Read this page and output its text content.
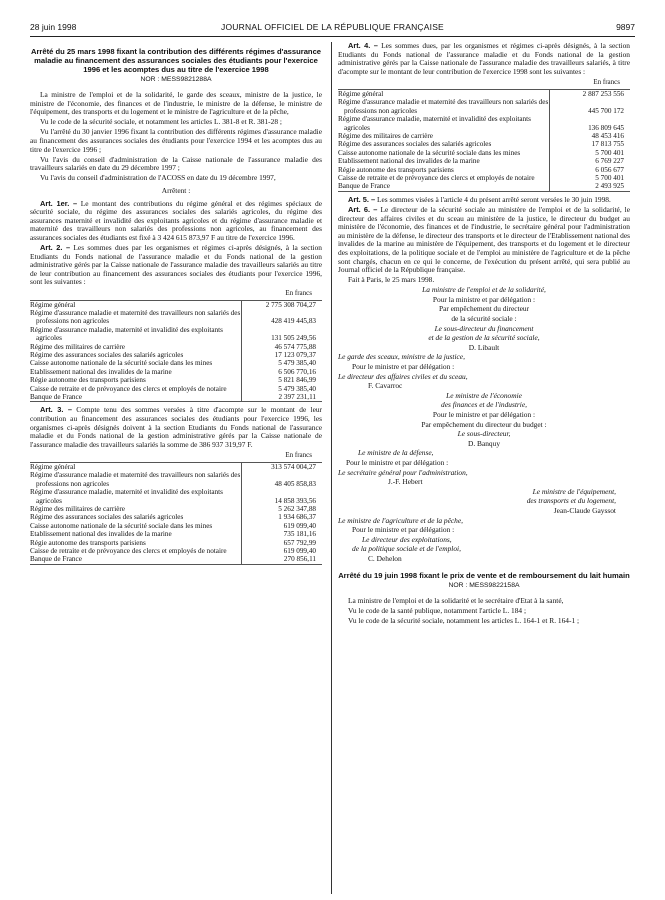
28 juin 1998	JOURNAL OFFICIEL DE LA RÉPUBLIQUE FRANÇAISE	9897
Arrêté du 25 mars 1998 fixant la contribution des différents régimes d'assurance maladie au financement des assurances sociales des étudiants pour l'exercice 1996 et les acomptes dus au titre de l'exercice 1998
NOR : MESS9821288A

La ministre de l'emploi et de la solidarité, le garde des sceaux, ministre de la justice, le ministre de l'économie, des finances et de l'industrie, le ministre de la défense, le ministre de l'équipement, des transports et du logement et le ministre de l'agriculture et de la pêche,

Vu le code de la sécurité sociale, et notamment les articles L. 381-8 et R. 381-28 ;

Vu l'arrêté du 30 janvier 1996 fixant la contribution des différents régimes d'assurance maladie au financement des assurances sociales des étudiants pour l'exercice 1994 et les acomptes dus au titre de l'exercice 1996 ;

Vu l'avis du conseil d'administration de la Caisse nationale de l'assurance maladie des travailleurs salariés en date du 29 décembre 1997 ;

Vu l'avis du conseil d'administration de l'ACOSS en date du 19 décembre 1997,

Arrêtent :

Art. 1er. – Le montant des contributions du régime général et des régimes spéciaux de sécurité sociale, du régime des assurances sociales des salariés agricoles, du régime des assurances maternité et invalidité des exploitants agricoles et du régime d'assurance maladie et maternité des travailleurs non salariés des professions non agricoles, au financement des assurances sociales des étudiants est fixé à 3 424 615 873,97 F au titre de l'exercice 1996.

Art. 2. – Les sommes dues par les organismes et régimes ci-après désignés, à la section Etudiants du Fonds national de l'assurance maladie et du Fonds national de la gestion administrative gérés par la Caisse nationale de l'assurance maladie des travailleurs salariés au titre de leur contribution au financement des assurances sociales des étudiants pour l'exercice 1996, sont les suivantes :

En francs
Régime général	2 775 308 704,27
Régime d'assurance maladie et maternité des travailleurs non salariés des professions non agricoles	428 419 445,83
Régime d'assurance maladie, maternité et invalidité des exploitants agricoles	131 505 249,56
Régime des militaires de carrière	46 574 775,88
Régime des assurances sociales des salariés agricoles	17 123 079,37
Caisse autonome nationale de la sécurité sociale dans les mines	5 479 385,40
Etablissement national des invalides de la marine	6 506 770,16
Régie autonome des transports parisiens	5 821 846,99
Caisse de retraite et de prévoyance des clercs et employés de notaire	5 479 385,40
Banque de France	2 397 231,11

Art. 3. – Compte tenu des sommes versées à titre d'acompte sur le montant de leur contribution au financement des assurances sociales des étudiants pour l'exercice 1996, les organismes ci-après désignés doivent à la section Etudiants du Fonds national de l'assurance maladie et du Fonds national de la gestion administrative gérés par la Caisse nationale de l'assurance maladie des travailleurs salariés la somme de 386 937 319,97 F.

En francs
Régime général	313 574 004,27
Régime d'assurance maladie et maternité des travailleurs non salariés des professions non agricoles	48 405 858,83
Régime d'assurance maladie, maternité et invalidité des exploitants agricoles	14 858 393,56
Régime des militaires de carrière	5 262 347,88
Régime des assurances sociales des salariés agricoles	1 934 686,37
Caisse autonome nationale de la sécurité sociale dans les mines	619 099,40
Etablissement national des invalides de la marine	735 181,16
Régie autonome des transports parisiens	657 792,99
Caisse de retraite et de prévoyance des clercs et employés de notaire	619 099,40
Banque de France	270 856,11

Art. 4. – Les sommes dues, par les organismes et régimes ci-après désignés, à la section Etudiants du Fonds national de l'assurance maladie et du Fonds national de la gestion administrative gérés par la Caisse nationale de l'assurance maladie des travailleurs salariés, à titre d'acompte sur le montant de leur contribution de l'exercice 1998 sont les suivantes :

En francs
Régime général	2 887 253 556
Régime d'assurance maladie et maternité des travailleurs non salariés des professions non agricoles	445 700 172
Régime d'assurance maladie, maternité et invalidité des exploitants agricoles	136 809 645
Régime des militaires de carrière	48 453 416
Régime des assurances sociales des salariés agricoles	17 813 755
Caisse autonome nationale de la sécurité sociale dans les mines	5 700 401
Etablissement national des invalides de la marine	6 769 227
Régie autonome des transports parisiens	6 056 677
Caisse de retraite et de prévoyance des clercs et employés de notaire	5 700 401
Banque de France	2 493 925

Art. 5. – Les sommes visées à l'article 4 du présent arrêté seront versées le 30 juin 1998.

Art. 6. – Le directeur de la sécurité sociale au ministère de l'emploi et de la solidarité, le directeur des affaires civiles et du sceau au ministère de la justice, le directeur du budget au ministère de l'économie, des finances et de l'industrie, le secrétaire général pour l'administration au ministère de la défense, le directeur des transports et le directeur de l'Etablissement national des invalides de la marine au ministère de l'équipement, des transports et du logement et le directeur des exploitations, de la politique sociale et de l'emploi au ministère de l'agriculture et de la pêche sont chargés, chacun en ce qui le concerne, de l'exécution du présent arrêté, qui sera publié au Journal officiel de la République française.

Fait à Paris, le 25 mars 1998.

La ministre de l'emploi et de la solidarité,
Pour la ministre et par délégation :
Par empêchement du directeur
de la sécurité sociale :
Le sous-directeur du financement
et de la gestion de la sécurité sociale,
D. Libault
Le garde des sceaux, ministre de la justice,
Pour le ministre et par délégation :
Le directeur des affaires civiles et du sceau,
F. Cavarroc
Le ministre de l'économie
des finances et de l'industrie,
Pour le ministre et par délégation :
Par empêchement du directeur du budget :
Le sous-directeur,
D. Banquy
Le ministre de la défense,
Pour le ministre et par délégation :
Le secrétaire général pour l'administration,
J.-F. Hebert
Le ministre de l'équipement,
des transports et du logement,
Jean-Claude Gayssot
Le ministre de l'agriculture et de la pêche,
Pour le ministre et par délégation :
Le directeur des exploitations,
de la politique sociale et de l'emploi,
C. Dehelon
Arrêté du 19 juin 1998 fixant le prix de vente et de remboursement du lait humain
NOR : MESS9822158A

La ministre de l'emploi et de la solidarité et le secrétaire d'Etat à la santé,

Vu le code de la santé publique, notamment l'article L. 184 ;

Vu le code de la sécurité sociale, notamment les articles L. 164-1 et R. 164-1 ;
